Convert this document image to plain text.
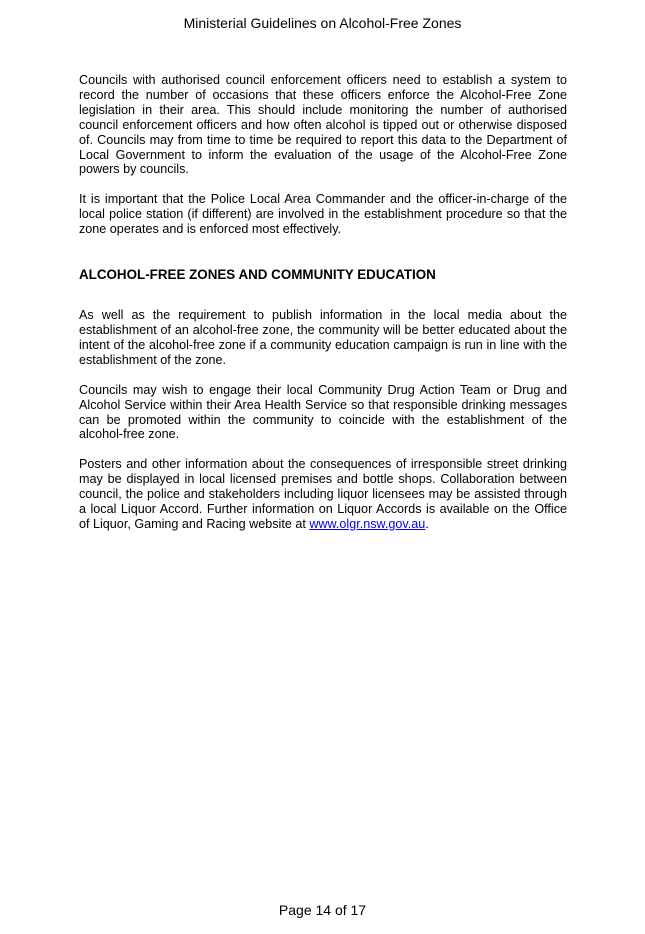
Ministerial Guidelines on Alcohol-Free Zones

Councils with authorised council enforcement officers need to establish a system to record the number of occasions that these officers enforce the Alcohol-Free Zone legislation in their area. This should include monitoring the number of authorised council enforcement officers and how often alcohol is tipped out or otherwise disposed of. Councils may from time to time be required to report this data to the Department of Local Government to inform the evaluation of the usage of the Alcohol-Free Zone powers by councils.

It is important that the Police Local Area Commander and the officer-in-charge of the local police station (if different) are involved in the establishment procedure so that the zone operates and is enforced most effectively.

ALCOHOL-FREE ZONES AND COMMUNITY EDUCATION

As well as the requirement to publish information in the local media about the establishment of an alcohol-free zone, the community will be better educated about the intent of the alcohol-free zone if a community education campaign is run in line with the establishment of the zone.

Councils may wish to engage their local Community Drug Action Team or Drug and Alcohol Service within their Area Health Service so that responsible drinking messages can be promoted within the community to coincide with the establishment of the alcohol-free zone.

Posters and other information about the consequences of irresponsible street drinking may be displayed in local licensed premises and bottle shops. Collaboration between council, the police and stakeholders including liquor licensees may be assisted through a local Liquor Accord. Further information on Liquor Accords is available on the Office of Liquor, Gaming and Racing website at www.olgr.nsw.gov.au.

Page 14 of 17
